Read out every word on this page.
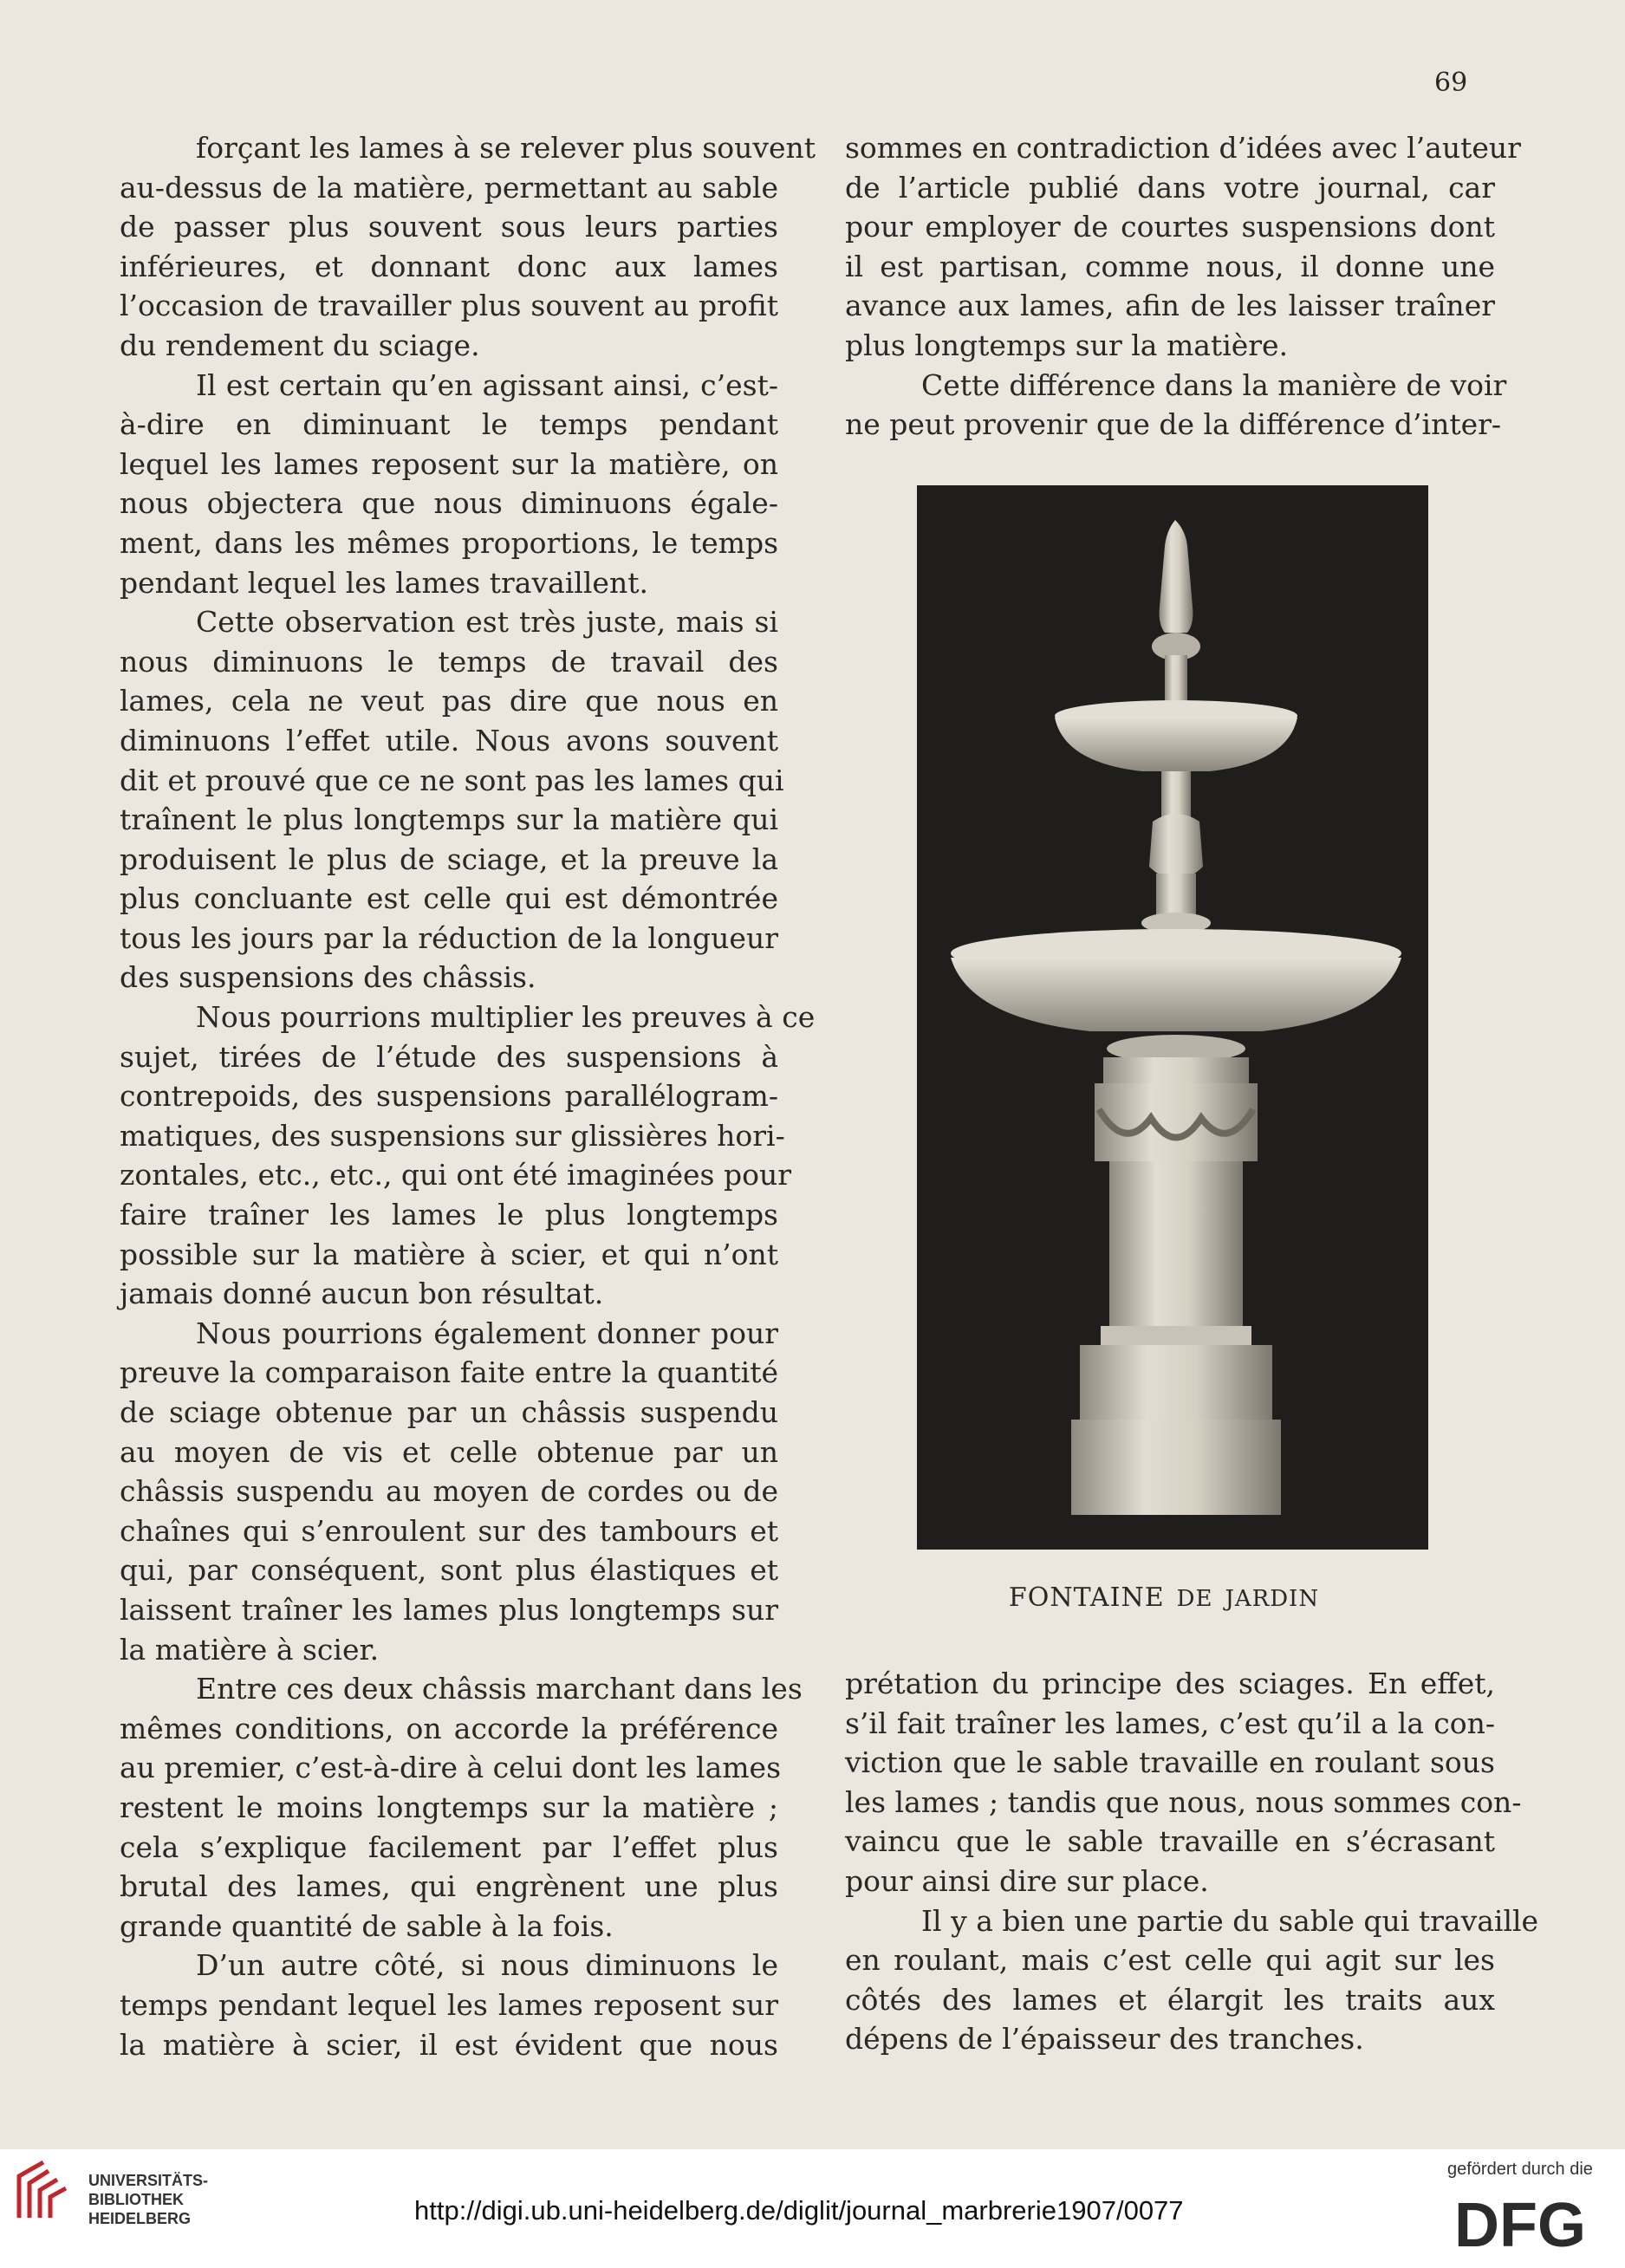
69
forçant les lames à se relever plus souvent
au-dessus de la matière, permettant au sable
de passer plus souvent sous leurs parties
inférieures, et donnant donc aux lames
l’occasion de travailler plus souvent au profit
du rendement du sciage.
Il est certain qu’en agissant ainsi, c’est-
à-dire en diminuant le temps pendant
lequel les lames reposent sur la matière, on
nous objectera que nous diminuons égale-
ment, dans les mêmes proportions, le temps
pendant lequel les lames travaillent.
Cette observation est très juste, mais si
nous diminuons le temps de travail des
lames, cela ne veut pas dire que nous en
diminuons l’effet utile. Nous avons souvent
dit et prouvé que ce ne sont pas les lames qui
traînent le plus longtemps sur la matière qui
produisent le plus de sciage, et la preuve la
plus concluante est celle qui est démontrée
tous les jours par la réduction de la longueur
des suspensions des châssis.
Nous pourrions multiplier les preuves à ce
sujet, tirées de l’étude des suspensions à
contrepoids, des suspensions parallélogram-
matiques, des suspensions sur glissières hori-
zontales, etc., etc., qui ont été imaginées pour
faire traîner les lames le plus longtemps
possible sur la matière à scier, et qui n’ont
jamais donné aucun bon résultat.
Nous pourrions également donner pour
preuve la comparaison faite entre la quantité
de sciage obtenue par un châssis suspendu
au moyen de vis et celle obtenue par un
châssis suspendu au moyen de cordes ou de
chaînes qui s’enroulent sur des tambours et
qui, par conséquent, sont plus élastiques et
laissent traîner les lames plus longtemps sur
la matière à scier.
Entre ces deux châssis marchant dans les
mêmes conditions, on accorde la préférence
au premier, c’est-à-dire à celui dont les lames
restent le moins longtemps sur la matière ;
cela s’explique facilement par l’effet plus
brutal des lames, qui engrènent une plus
grande quantité de sable à la fois.
D’un autre côté, si nous diminuons le
temps pendant lequel les lames reposent sur
la matière à scier, il est évident que nous
sommes en contradiction d’idées avec l’auteur
de l’article publié dans votre journal, car
pour employer de courtes suspensions dont
il est partisan, comme nous, il donne une
avance aux lames, afin de les laisser traîner
plus longtemps sur la matière.
Cette différence dans la manière de voir
ne peut provenir que de la différence d’inter-
FONTAINE DE JARDIN
prétation du principe des sciages. En effet,
s’il fait traîner les lames, c’est qu’il a la con-
viction que le sable travaille en roulant sous
les lames ; tandis que nous, nous sommes con-
vaincu que le sable travaille en s’écrasant
pour ainsi dire sur place.
Il y a bien une partie du sable qui travaille
en roulant, mais c’est celle qui agit sur les
côtés des lames et élargit les traits aux
dépens de l’épaisseur des tranches.
UNIVERSITÄTS-
BIBLIOTHEK
HEIDELBERG	http://digi.ub.uni-heidelberg.de/diglit/journal_marbrerie1907/0077
gefördert durch die
DFG
